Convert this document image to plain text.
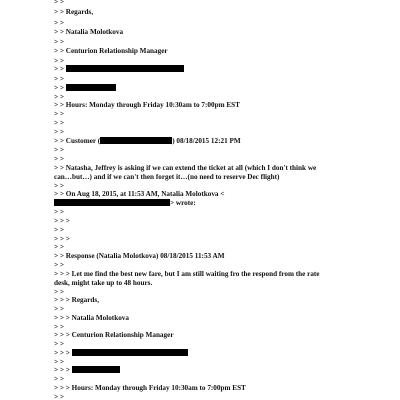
> >
> > Regards,
> >
> > Natalia Molotkova
> >
> > Centurion Relationship Manager
> >
> >
> >
> >
> >
> > Hours: Monday through Friday 10:30am to 7:00pm EST
> >
> >
> >
> > Customer (	) 08/18/2015 12:21 PM
> >
> >
> > Natasha, Jeffrey is asking if we can extend the ticket at all (which I don't think we
can…but…) and if we can't then forget it…(no need to reserve Dec flight)
> >
> > On Aug 18, 2015, at 11:53 AM, Natalia Molotkova <
> wrote:
> >
> > >
> >
> > >
> >
> > Response (Natalia Molotkova) 08/18/2015 11:53 AM
> >
> > > Let me find the best new fare, but I am still waiting fro the respond from the rate
desk, might take up to 48 hours.
> >
> > > Regards,
> >
> > > Natalia Molotkova
> >
> > > Centurion Relationship Manager
> >
> > >
> >
> > >
> >
> > > Hours: Monday through Friday 10:30am to 7:00pm EST
> >
